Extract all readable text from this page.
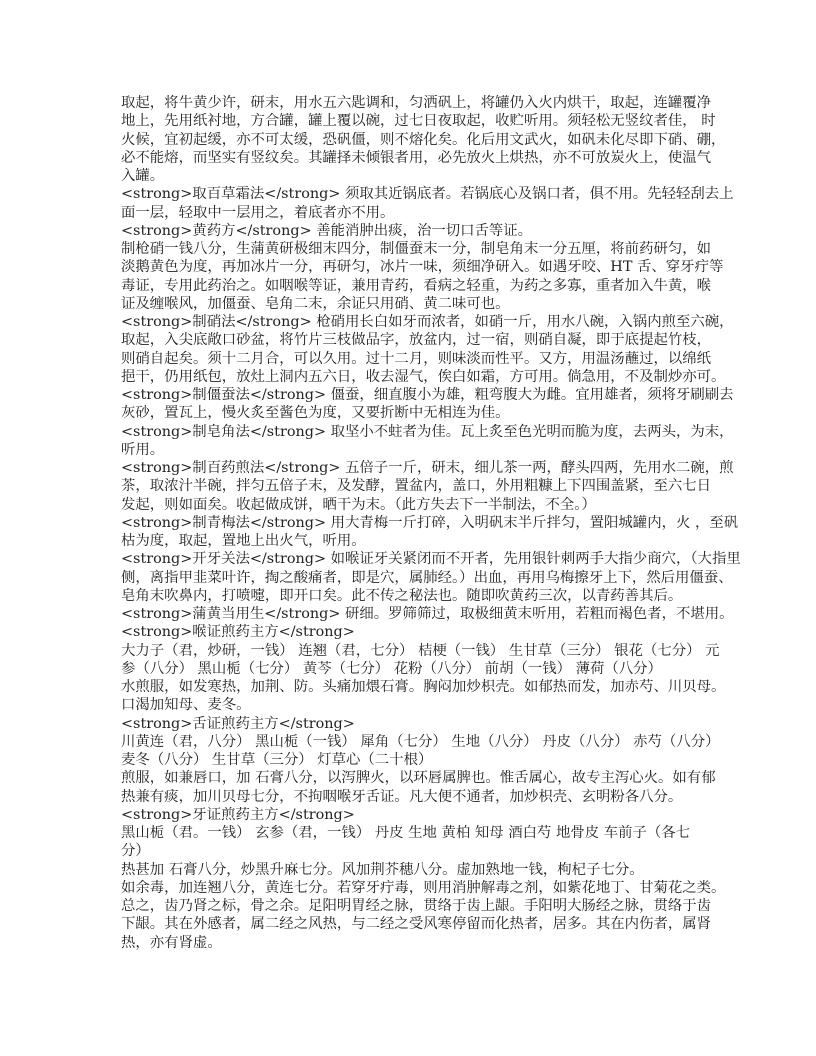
取起，将牛黄少许，研末，用水五六匙调和，匀洒矾上，将罐仍入火内烘干，取起，连罐覆净
地上，先用纸衬地，方合罐，罐上覆以碗，过七日夜取起，收贮听用。须轻松无竖纹者佳， 时
火候，宜初起缓，亦不可太缓，恐矾僵，则不熔化矣。化后用文武火，如矾未化尽即下硝、硼，
必不能熔，而坚实有竖纹矣。其罐择未倾银者用，必先放火上烘热，亦不可放炭火上，使温气
入罐。
<strong>取百草霜法</strong> 须取其近锅底者。若锅底心及锅口者，俱不用。先轻轻刮去上
面一层，轻取中一层用之，着底者亦不用。
<strong>黄药方</strong> 善能消肿出痰，治一切口舌等证。
制枪硝一钱八分，生蒲黄研极细末四分，制僵蚕末一分，制皂角末一分五厘，将前药研匀，如
淡鹅黄色为度，再加冰片一分，再研匀，冰片一味，须细净研入。如遇牙咬、HT 舌、穿牙疔等
毒证，专用此药治之。如咽喉等证，兼用青药，看病之轻重，为药之多寡，重者加入牛黄，喉
证及缠喉风，加僵蚕、皂角二末，余证只用硝、黄二味可也。
<strong>制硝法</strong> 枪硝用长白如牙而浓者，如硝一斤，用水八碗，入锅内煎至六碗，
取起，入尖底敞口砂盆，将竹片三枝做品字，放盆内，过一宿，则硝自凝，即于底提起竹枝，
则硝自起矣。须十二月合，可以久用。过十二月，则味淡而性平。又方，用温汤蘸过，以绵纸
挹干，仍用纸包，放灶上洞内五六日，收去湿气，俟白如霜，方可用。倘急用，不及制炒亦可。
<strong>制僵蚕法</strong> 僵蚕，细直腹小为雄，粗弯腹大为雌。宜用雄者，须将牙刷刷去
灰砂，置瓦上，慢火炙至酱色为度，又要折断中无相连为佳。
<strong>制皂角法</strong> 取坚小不蛀者为佳。瓦上炙至色光明而脆为度，去两头，为末，
听用。
<strong>制百药煎法</strong> 五倍子一斤，研末，细儿茶一两，酵头四两，先用水二碗，煎
茶，取浓汁半碗，拌匀五倍子末，及发酵，置盆内，盖口，外用粗糠上下四围盖紧，至六七日
发起，则如面矣。收起做成饼，晒干为末。（此方失去下一半制法，不全。）
<strong>制青梅法</strong> 用大青梅一斤打碎，入明矾末半斤拌匀，置阳城罐内，火 ，至矾
枯为度，取起，置地上出火气，听用。
<strong>开牙关法</strong> 如喉证牙关紧闭而不开者，先用银针刺两手大指少商穴，（大指里
侧，离指甲韭菜叶许，掏之酸痛者，即是穴，属肺经。）出血，再用乌梅擦牙上下，然后用僵蚕、
皂角末吹鼻内，打喷嚏，即开口矣。此不传之秘法也。随即吹黄药三次，以青药善其后。
<strong>蒲黄当用生</strong> 研细。罗筛筛过，取极细黄末听用，若粗而褐色者，不堪用。
<strong>喉证煎药主方</strong>
大力子（君，炒研，一钱） 连翘（君，七分） 桔梗（一钱） 生甘草（三分） 银花（七分） 元
参（八分） 黑山栀（七分） 黄芩（七分） 花粉（八分） 前胡（一钱） 薄荷（八分）
水煎服，如发寒热，加荆、防。头痛加煨石膏。胸闷加炒枳壳。如郁热而发，加赤芍、川贝母。
口渴加知母、麦冬。
<strong>舌证煎药主方</strong>
川黄连（君，八分） 黑山栀（一钱） 犀角（七分） 生地（八分） 丹皮（八分） 赤芍（八分）
麦冬（八分） 生甘草（三分） 灯草心（二十根）
煎服，如兼唇口，加 石膏八分，以泻脾火，以环唇属脾也。惟舌属心，故专主泻心火。如有郁
热兼有痰，加川贝母七分，不拘咽喉牙舌证。凡大便不通者，加炒枳壳、玄明粉各八分。
<strong>牙证煎药主方</strong>
黑山栀（君。一钱） 玄参（君，一钱） 丹皮 生地 黄柏 知母 酒白芍 地骨皮 车前子（各七
分）
热甚加 石膏八分，炒黑升麻七分。风加荆芥穗八分。虚加熟地一钱，枸杞子七分。
如余毒，加连翘八分，黄连七分。若穿牙疔毒，则用消肿解毒之剂，如紫花地丁、甘菊花之类。
总之，齿乃肾之标，骨之余。足阳明胃经之脉，贯络于齿上龈。手阳明大肠经之脉，贯络于齿
下龈。其在外感者，属二经之风热，与二经之受风寒停留而化热者，居多。其在内伤者，属肾
热，亦有肾虚。
